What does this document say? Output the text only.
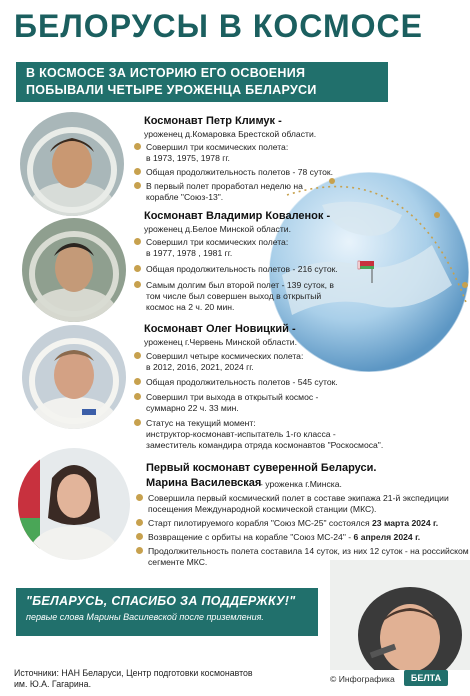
БЕЛОРУСЫ В КОСМОСЕ
В КОСМОСЕ ЗА ИСТОРИЮ ЕГО ОСВОЕНИЯ
ПОБЫВАЛИ ЧЕТЫРЕ УРОЖЕНЦА БЕЛАРУСИ
Космонавт Петр Климук -
уроженец д.Комаровка Брестской области.
Совершил три космических полета:
в 1973, 1975, 1978 гг.
Общая продолжительность полетов - 78 суток.
В первый полет проработал неделю на
корабле "Союз-13".
Космонавт Владимир Коваленок -
уроженец д.Белое Минской области.
Совершил три космических полета:
в 1977, 1978 , 1981 гг.
Общая продолжительность полетов - 216 суток.
Самым долгим был второй полет - 139 суток, в
том числе был совершен выход в открытый
космос на 2 ч. 20 мин.
Космонавт Олег Новицкий -
уроженец г.Червень Минской области.
Совершил четыре космических полета:
в 2012, 2016, 2021, 2024 гг.
Общая продолжительность полетов - 545 суток.
Совершил три выхода в открытый космос -
суммарно 22 ч. 33 мин.
Статус на текущий момент:
инструктор-космонавт-испытатель 1-го класса -
заместитель командира отряда космонавтов "Роскосмоса".
Первый космонавт суверенной Беларуси.
Марина Василевская
- уроженка г.Минска.
Совершила первый космический полет в составе экипажа 21-й экспедиции
посещения Международной космической станции (МКС).
Старт пилотируемого корабля "Союз МС-25" состоялся 23 марта 2024 г.
Возвращение с орбиты на корабле "Союз МС-24" - 6 апреля 2024 г.
Продолжительность полета составила 14 суток, из них 12 суток - на российском
сегменте МКС.
"БЕЛАРУСЬ, СПАСИБО ЗА ПОДДЕРЖКУ!"
первые слова Марины Василевской после приземления.
Источники: НАН Беларуси, Центр подготовки космонавтов
им. Ю.А. Гагарина.	© Инфографика	БЕЛТА
